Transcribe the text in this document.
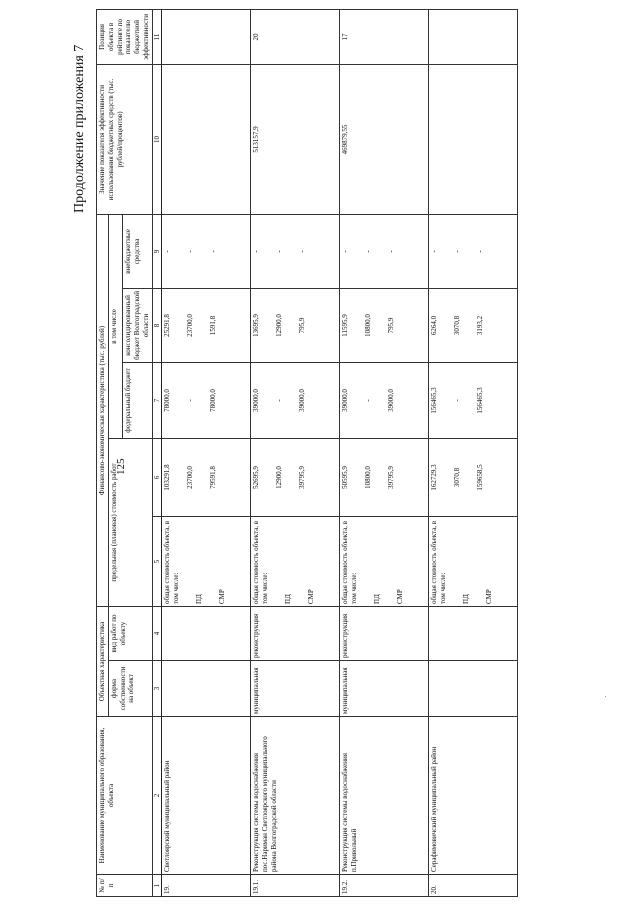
125
Продолжение приложения 7
№ п/п	Наименование муниципального образования, объекта	Объектная характеристика		Финансово-экономическая характеристика (тыс. рублей)					Значение показателя эффективности использования бюджетных средств (тыс. рублей/процентов)	Позиция объекта в рейтинге по показателю бюджетной эффективности
		форма собственности на объект	вид работ по объекту	предельная (плановая) стоимость работ		в том числе				
						федеральный бюджет	консолидированный бюджет Волгоградской области	внебюджетные средства		
1	2	3	4	5	6	7	8	9	10	11
19.	Светлоярский муниципальный район			общая стоимость объекта, в том числе: ПД СМР	103291,8 23700,0 79591,8	78000,0 - 78000,0	25291,8 23700,0 1591,8	- - -		

19.1.	Реконструкция системы водоснабжения пос.Нариман Светлоярского муниципального района Волгоградской области	муниципальная	реконструкция	общая стоимость объекта, в том числе: ПД СМР	52695,9 12900,0 39795,9	39000,0 - 39000,0	13695,9 12900,0 795,9	- - -	513157,9	20
19.2.	Реконструкция системы водоснабжения п.Привольный	муниципальная	реконструкция	общая стоимость объекта, в том числе: ПД СМР	50595,9 10800,0 39795,9	39000,0 - 39000,0	11595,9 10800,0 795,9	- - -	469879,55	17
20.	Серафимовичский муниципальный район			общая стоимость объекта, в том числе: ПД СМР	162729,3 3070,8 159658,5	156465,3 - 156465,3	6264,0 3070,8 3193,2	- - -		
